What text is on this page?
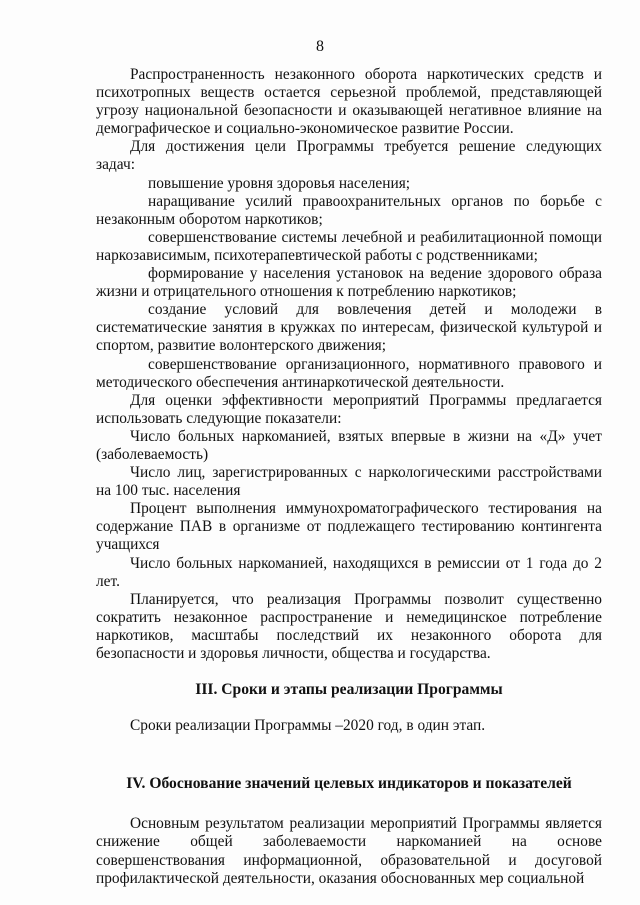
8

Распространенность незаконного оборота наркотических средств и психотропных веществ остается серьезной проблемой, представляющей угрозу национальной безопасности и оказывающей негативное влияние на демографическое и социально-экономическое развитие России.

Для достижения цели Программы требуется решение следующих задач:

повышение уровня здоровья населения;

наращивание усилий правоохранительных органов по борьбе с незаконным оборотом наркотиков;

совершенствование системы лечебной и реабилитационной помощи наркозависимым, психотерапевтической работы с родственниками;

формирование у населения установок на ведение здорового образа жизни и отрицательного отношения к потреблению наркотиков;

создание условий для вовлечения детей и молодежи в систематические занятия в кружках по интересам, физической культурой и спортом, развитие волонтерского движения;

совершенствование организационного, нормативного правового и методического обеспечения антинаркотической деятельности.

Для оценки эффективности мероприятий Программы предлагается использовать следующие показатели:

Число больных наркоманией, взятых впервые в жизни на «Д» учет (заболеваемость)

Число лиц, зарегистрированных с наркологическими расстройствами на 100 тыс. населения

Процент выполнения иммунохроматографического тестирования на содержание ПАВ в организме от подлежащего тестированию контингента учащихся

Число больных наркоманией, находящихся в ремиссии от 1 года до 2 лет.

Планируется, что реализация Программы позволит существенно сократить незаконное распространение и немедицинское потребление наркотиков, масштабы последствий их незаконного оборота для безопасности и здоровья личности, общества и государства.

III. Сроки и этапы реализации Программы

Сроки реализации Программы –2020 год, в один этап.

IV. Обоснование значений целевых индикаторов и показателей

Основным результатом реализации мероприятий Программы является снижение общей заболеваемости наркоманией на основе совершенствования информационной, образовательной и досуговой профилактической деятельности, оказания обоснованных мер социальной
